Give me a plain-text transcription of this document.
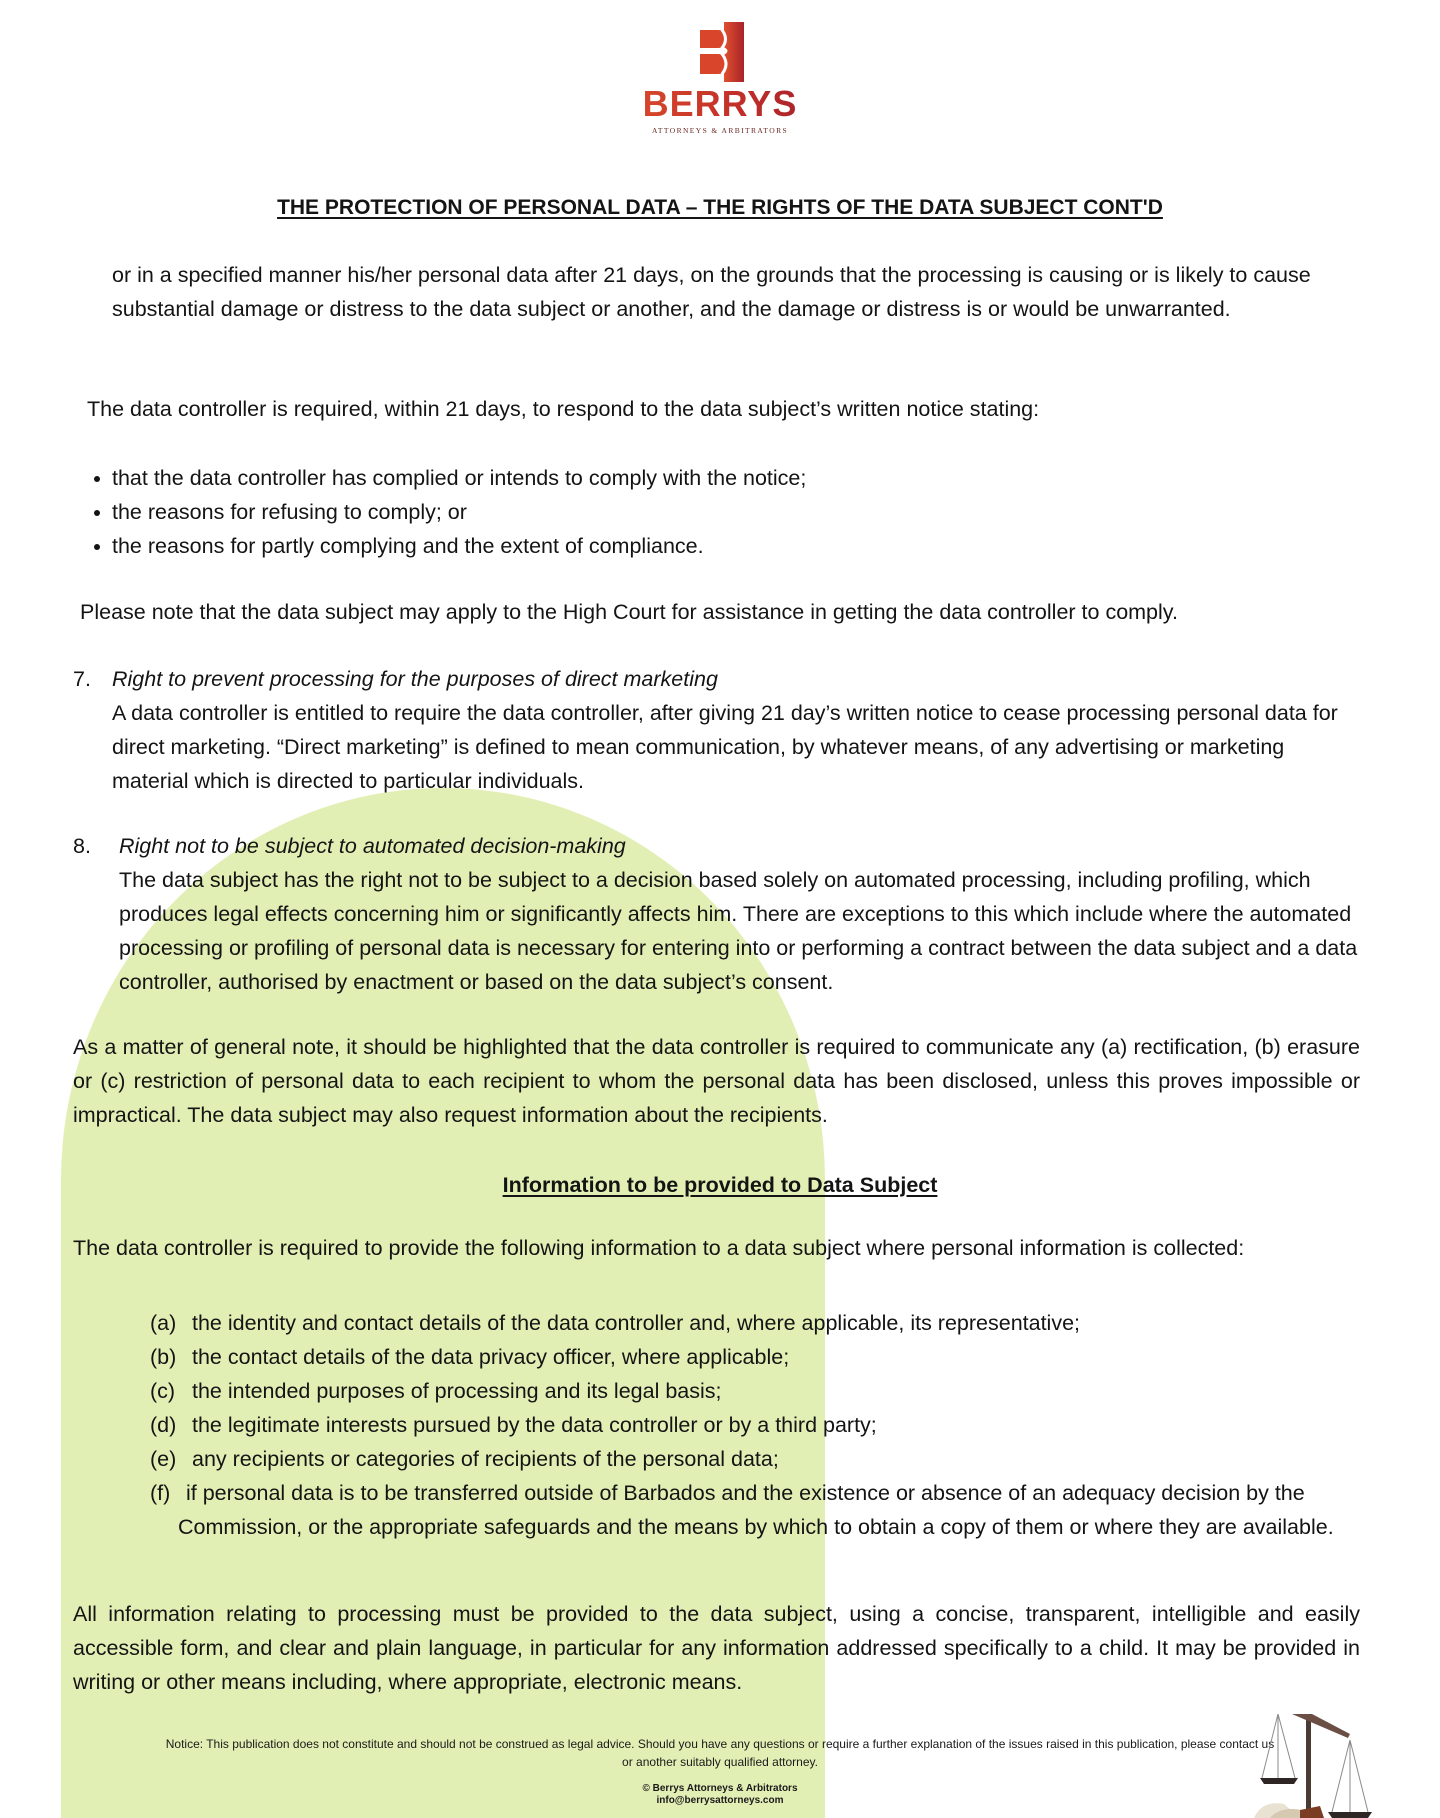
BERRYS
ATTORNEYS & ARBITRATORS
THE PROTECTION OF PERSONAL DATA – THE RIGHTS OF THE DATA SUBJECT CONT'D

or in a specified manner his/her personal data after 21 days, on the grounds that the processing is causing or is likely to cause substantial damage or distress to the data subject or another, and the damage or distress is or would be unwarranted.

The data controller is required, within 21 days, to respond to the data subject’s written notice stating:

that the data controller has complied or intends to comply with the notice;
the reasons for refusing to comply; or
the reasons for partly complying and the extent of compliance.

Please note that the data subject may apply to the High Court for assistance in getting the data controller to comply.

7. Right to prevent processing for the purposes of direct marketing

A data controller is entitled to require the data controller, after giving 21 day’s written notice to cease processing personal data for direct marketing. “Direct marketing” is defined to mean communication, by whatever means, of any advertising or marketing material which is directed to particular individuals.

8. Right not to be subject to automated decision-making

The data subject has the right not to be subject to a decision based solely on automated processing, including profiling, which produces legal effects concerning him or significantly affects him. There are exceptions to this which include where the automated processing or profiling of personal data is necessary for entering into or performing a contract between the data subject and a data controller, authorised by enactment or based on the data subject’s consent.

As a matter of general note, it should be highlighted that the data controller is required to communicate any (a) rectification, (b) erasure or (c) restriction of personal data to each recipient to whom the personal data has been disclosed, unless this proves impossible or impractical. The data subject may also request information about the recipients.

Information to be provided to Data Subject

The data controller is required to provide the following information to a data subject where personal information is collected:

(a) the identity and contact details of the data controller and, where applicable, its representative;
(b) the contact details of the data privacy officer, where applicable;
(c) the intended purposes of processing and its legal basis;
(d) the legitimate interests pursued by the data controller or by a third party;
(e) any recipients or categories of recipients of the personal data;
(f) if personal data is to be transferred outside of Barbados and the existence or absence of an adequacy decision by the Commission, or the appropriate safeguards and the means by which to obtain a copy of them or where they are available.

All information relating to processing must be provided to the data subject, using a concise, transparent, intelligible and easily accessible form, and clear and plain language, in particular for any information addressed specifically to a child. It may be provided in writing or other means including, where appropriate, electronic means.

Notice: This publication does not constitute and should not be construed as legal advice. Should you have any questions or require a further explanation of the issues raised in this publication, please contact us or another suitably qualified attorney.
© Berrys Attorneys & Arbitrators
info@berrysattorneys.com
